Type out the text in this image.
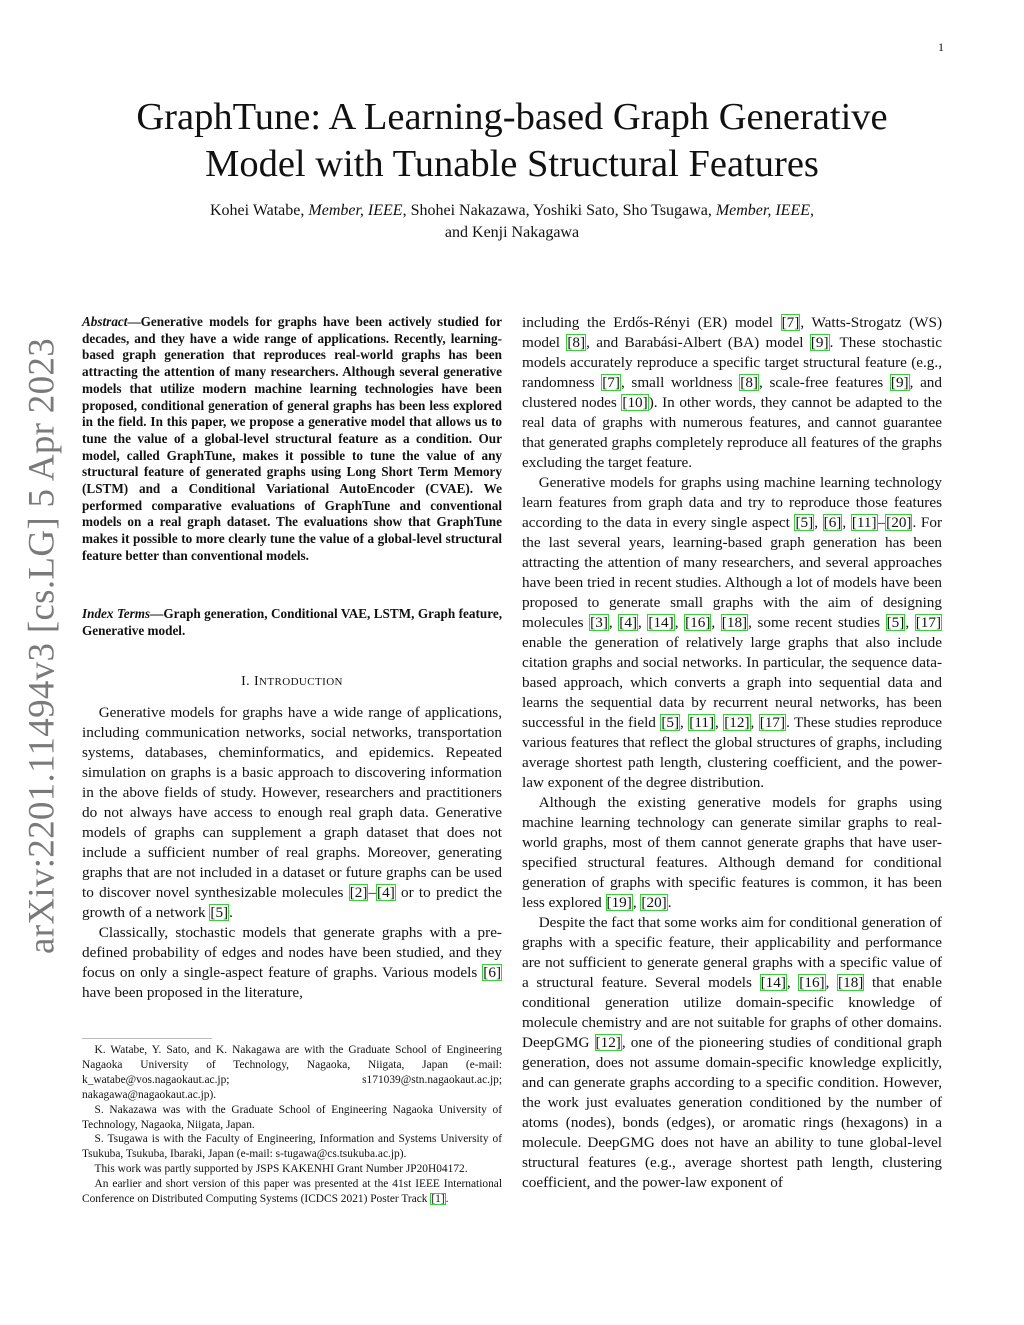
1
arXiv:2201.11494v3 [cs.LG] 5 Apr 2023
GraphTune: A Learning-based Graph Generative
Model with Tunable Structural Features
Kohei Watabe, Member, IEEE, Shohei Nakazawa, Yoshiki Sato, Sho Tsugawa, Member, IEEE,
and Kenji Nakagawa
Abstract—Generative models for graphs have been actively studied for decades, and they have a wide range of applications. Recently, learning-based graph generation that reproduces real-world graphs has been attracting the attention of many researchers. Although several generative models that utilize modern machine learning technologies have been proposed, conditional generation of general graphs has been less explored in the field. In this paper, we propose a generative model that allows us to tune the value of a global-level structural feature as a condition. Our model, called GraphTune, makes it possible to tune the value of any structural feature of generated graphs using Long Short Term Memory (LSTM) and a Conditional Variational AutoEncoder (CVAE). We performed comparative evaluations of GraphTune and conventional models on a real graph dataset. The evaluations show that GraphTune makes it possible to more clearly tune the value of a global-level structural feature better than conventional models.
Index Terms—Graph generation, Conditional VAE, LSTM, Graph feature, Generative model.
I. INTRODUCTION

Generative models for graphs have a wide range of applications, including communication networks, social networks, transportation systems, databases, cheminformatics, and epidemics. Repeated simulation on graphs is a basic approach to discovering information in the above fields of study. However, researchers and practitioners do not always have access to enough real graph data. Generative models of graphs can supplement a graph dataset that does not include a sufficient number of real graphs. Moreover, generating graphs that are not included in a dataset or future graphs can be used to discover novel synthesizable molecules [ 2 ] – [ 4 ] or to predict the growth of a network [ 5 ] .

Classically, stochastic models that generate graphs with a pre-defined probability of edges and nodes have been studied, and they focus on only a single-aspect feature of graphs. Various models [ 6 ] have been proposed in the literature,

K. Watabe, Y. Sato, and K. Nakagawa are with the Graduate School of Engineering Nagaoka University of Technology, Nagaoka, Niigata, Japan (e-mail: k_watabe@vos.nagaokaut.ac.jp; s171039@stn.nagaokaut.ac.jp; nakagawa@nagaokaut.ac.jp).

S. Nakazawa was with the Graduate School of Engineering Nagaoka University of Technology, Nagaoka, Niigata, Japan.

S. Tsugawa is with the Faculty of Engineering, Information and Systems University of Tsukuba, Tsukuba, Ibaraki, Japan (e-mail: s-tugawa@cs.tsukuba.ac.jp).

This work was partly supported by JSPS KAKENHI Grant Number JP20H04172.

An earlier and short version of this paper was presented at the 41st IEEE International Conference on Distributed Computing Systems (ICDCS 2021) Poster Track [ 1 ] .

including the Erdős-Rényi (ER) model [ 7 ] , Watts-Strogatz (WS) model [ 8 ] , and Barabási-Albert (BA) model [ 9 ] . These stochastic models accurately reproduce a specific target structural feature (e.g., randomness [ 7 ] , small worldness [ 8 ] , scale-free features [ 9 ] , and clustered nodes [ 10 ] ). In other words, they cannot be adapted to the real data of graphs with numerous features, and cannot guarantee that generated graphs completely reproduce all features of the graphs excluding the target feature.

Generative models for graphs using machine learning technology learn features from graph data and try to reproduce those features according to the data in every single aspect [ 5 ] , [ 6 ] , [ 11 ] – [ 20 ] . For the last several years, learning-based graph generation has been attracting the attention of many researchers, and several approaches have been tried in recent studies. Although a lot of models have been proposed to generate small graphs with the aim of designing molecules [ 3 ] , [ 4 ] , [ 14 ] , [ 16 ] , [ 18 ] , some recent studies [ 5 ] , [ 17 ] enable the generation of relatively large graphs that also include citation graphs and social networks. In particular, the sequence data-based approach, which converts a graph into sequential data and learns the sequential data by recurrent neural networks, has been successful in the field [ 5 ] , [ 11 ] , [ 12 ] , [ 17 ] . These studies reproduce various features that reflect the global structures of graphs, including average shortest path length, clustering coefficient, and the power-law exponent of the degree distribution.

Although the existing generative models for graphs using machine learning technology can generate similar graphs to real-world graphs, most of them cannot generate graphs that have user-specified structural features. Although demand for conditional generation of graphs with specific features is common, it has been less explored [ 19 ] , [ 20 ] .

Despite the fact that some works aim for conditional generation of graphs with a specific feature, their applicability and performance are not sufficient to generate general graphs with a specific value of a structural feature. Several models [ 14 ] , [ 16 ] , [ 18 ] that enable conditional generation utilize domain-specific knowledge of molecule chemistry and are not suitable for graphs of other domains. DeepGMG [ 12 ] , one of the pioneering studies of conditional graph generation, does not assume domain-specific knowledge explicitly, and can generate graphs according to a specific condition. However, the work just evaluates generation conditioned by the number of atoms (nodes), bonds (edges), or aromatic rings (hexagons) in a molecule. DeepGMG does not have an ability to tune global-level structural features (e.g., average shortest path length, clustering coefficient, and the power-law exponent of
